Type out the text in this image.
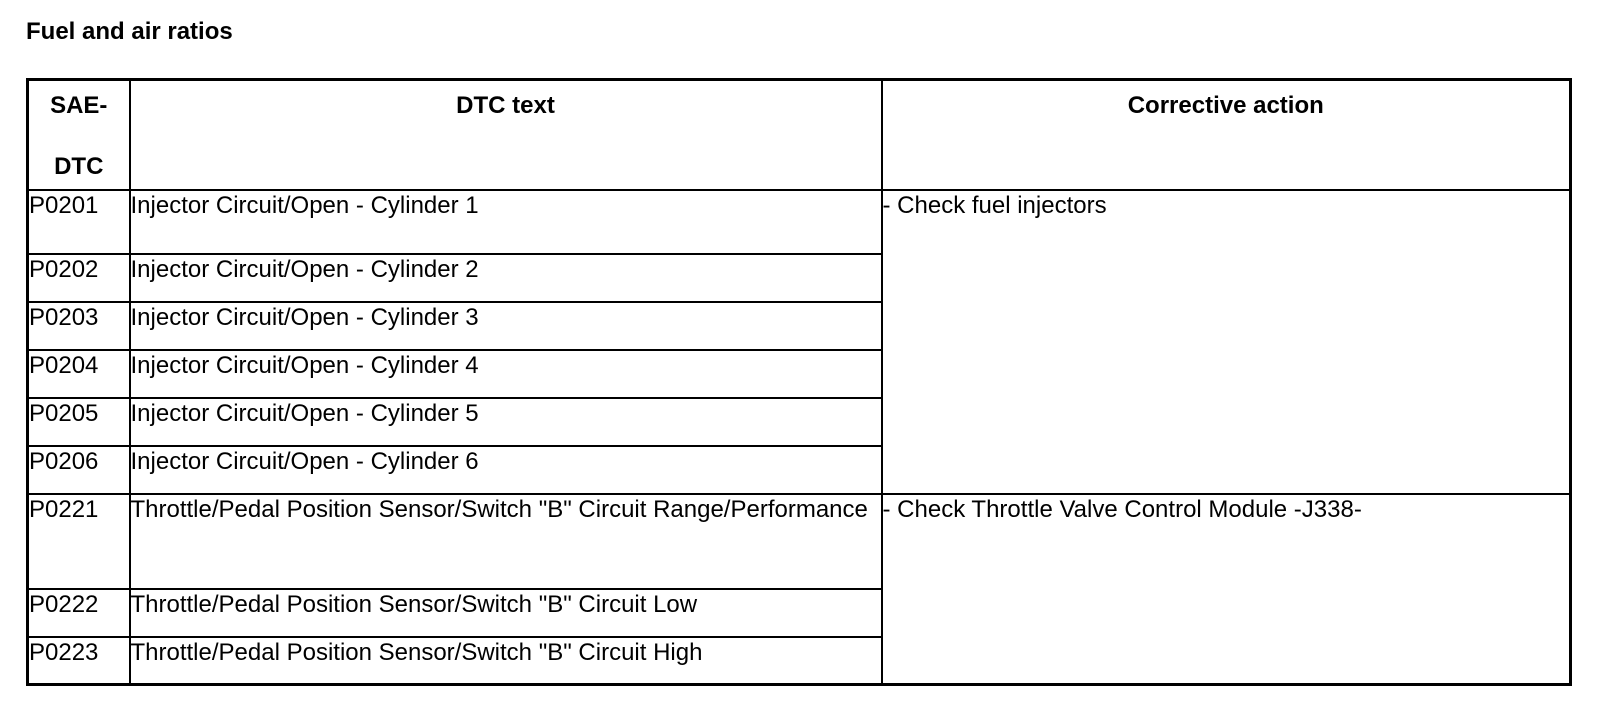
Fuel and air ratios
SAE-
DTC	DTC text	Corrective action
P0201	Injector Circuit/Open - Cylinder 1	- Check fuel injectors
P0202	Injector Circuit/Open - Cylinder 2	
P0203	Injector Circuit/Open - Cylinder 3	
P0204	Injector Circuit/Open - Cylinder 4	
P0205	Injector Circuit/Open - Cylinder 5	
P0206	Injector Circuit/Open - Cylinder 6	
P0221	Throttle/Pedal Position Sensor/Switch "B" Circuit Range/Performance	- Check Throttle Valve Control Module -J338-
P0222	Throttle/Pedal Position Sensor/Switch "B" Circuit Low	
P0223	Throttle/Pedal Position Sensor/Switch "B" Circuit High	
